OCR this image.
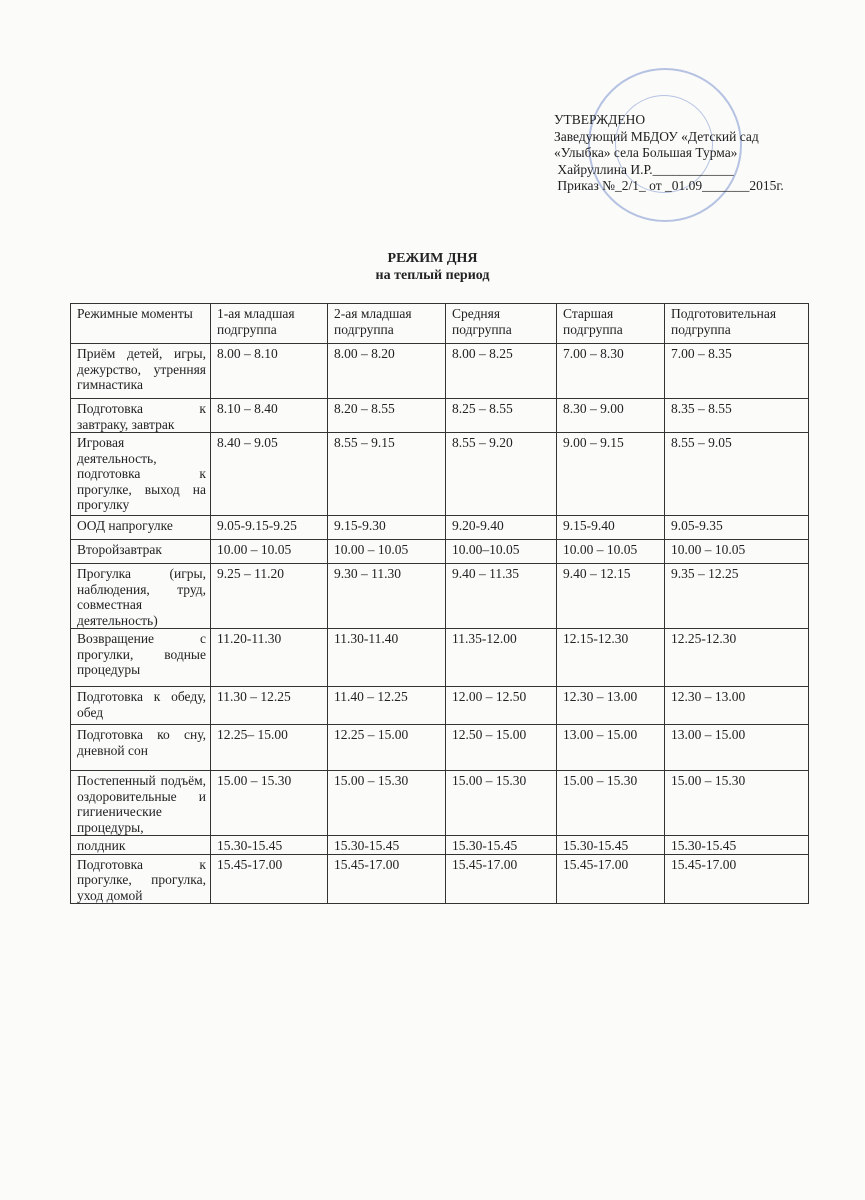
УТВЕРЖДЕНО
Заведующий МБДОУ «Детский сад
«Улыбка» села Большая Турма»
Хайруллина И.Р.____________
Приказ №_2/1_ от _01.09_______2015г.
РЕЖИМ ДНЯ
на теплый период
Режимные моменты	1-ая младшая подгруппа	2-ая младшая подгруппа	Средняя подгруппа	Старшая подгруппа	Подготовительная подгруппа
Приём детей, игры, дежурство, утренняя гимнастика	8.00 – 8.10	8.00 – 8.20	8.00 – 8.25	7.00 – 8.30	7.00 – 8.35
Подготовка к завтраку, завтрак	8.10 – 8.40	8.20 – 8.55	8.25 – 8.55	8.30 – 9.00	8.35 – 8.55
Игровая деятельность, подготовка к прогулке, выход на прогулку	8.40 – 9.05	8.55 – 9.15	8.55 – 9.20	9.00 – 9.15	8.55 – 9.05
ООД напрогулке	9.05-9.15-9.25	9.15-9.30	9.20-9.40	9.15-9.40	9.05-9.35
Второйзавтрак	10.00 – 10.05	10.00 – 10.05	10.00–10.05	10.00 – 10.05	10.00 – 10.05
Прогулка (игры, наблюдения, труд, совместная деятельность)	9.25 – 11.20	9.30 – 11.30	9.40 – 11.35	9.40 – 12.15	9.35 – 12.25
Возвращение с прогулки, водные процедуры	11.20-11.30	11.30-11.40	11.35-12.00	12.15-12.30	12.25-12.30
Подготовка к обеду, обед	11.30 – 12.25	11.40 – 12.25	12.00 – 12.50	12.30 – 13.00	12.30 – 13.00
Подготовка ко сну, дневной сон	12.25– 15.00	12.25 – 15.00	12.50 – 15.00	13.00 – 15.00	13.00 – 15.00
Постепенный подъём, оздоровительные и гигиенические процедуры,	15.00 – 15.30	15.00 – 15.30	15.00 – 15.30	15.00 – 15.30	15.00 – 15.30
полдник	15.30-15.45	15.30-15.45	15.30-15.45	15.30-15.45	15.30-15.45
Подготовка к прогулке, прогулка, уход домой	15.45-17.00	15.45-17.00	15.45-17.00	15.45-17.00	15.45-17.00
